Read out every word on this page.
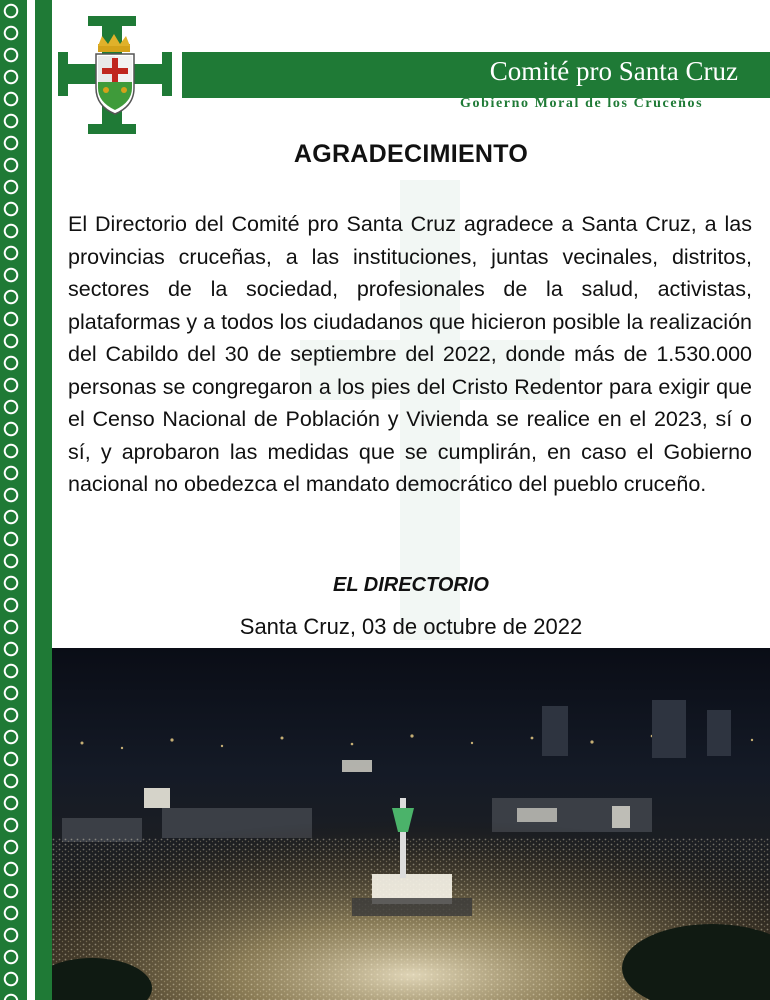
Comité pro Santa Cruz
Gobierno Moral de los Cruceños
AGRADECIMIENTO
El Directorio del Comité pro Santa Cruz agradece a Santa Cruz, a las provincias cruceñas, a las instituciones, juntas vecinales, distritos, sectores de la sociedad, profesionales de la salud, activistas, plataformas y a todos los ciudadanos que hicieron posible la realización del Cabildo del 30 de septiembre del 2022, donde más de 1.530.000 personas se congregaron a los pies del Cristo Redentor para exigir que el Censo Nacional de Población y Vivienda se realice en el 2023, sí o sí, y aprobaron las medidas que se cumplirán, en caso el Gobierno nacional no obedezca el mandato democrático del pueblo cruceño.
EL DIRECTORIO
Santa Cruz, 03 de octubre de 2022
